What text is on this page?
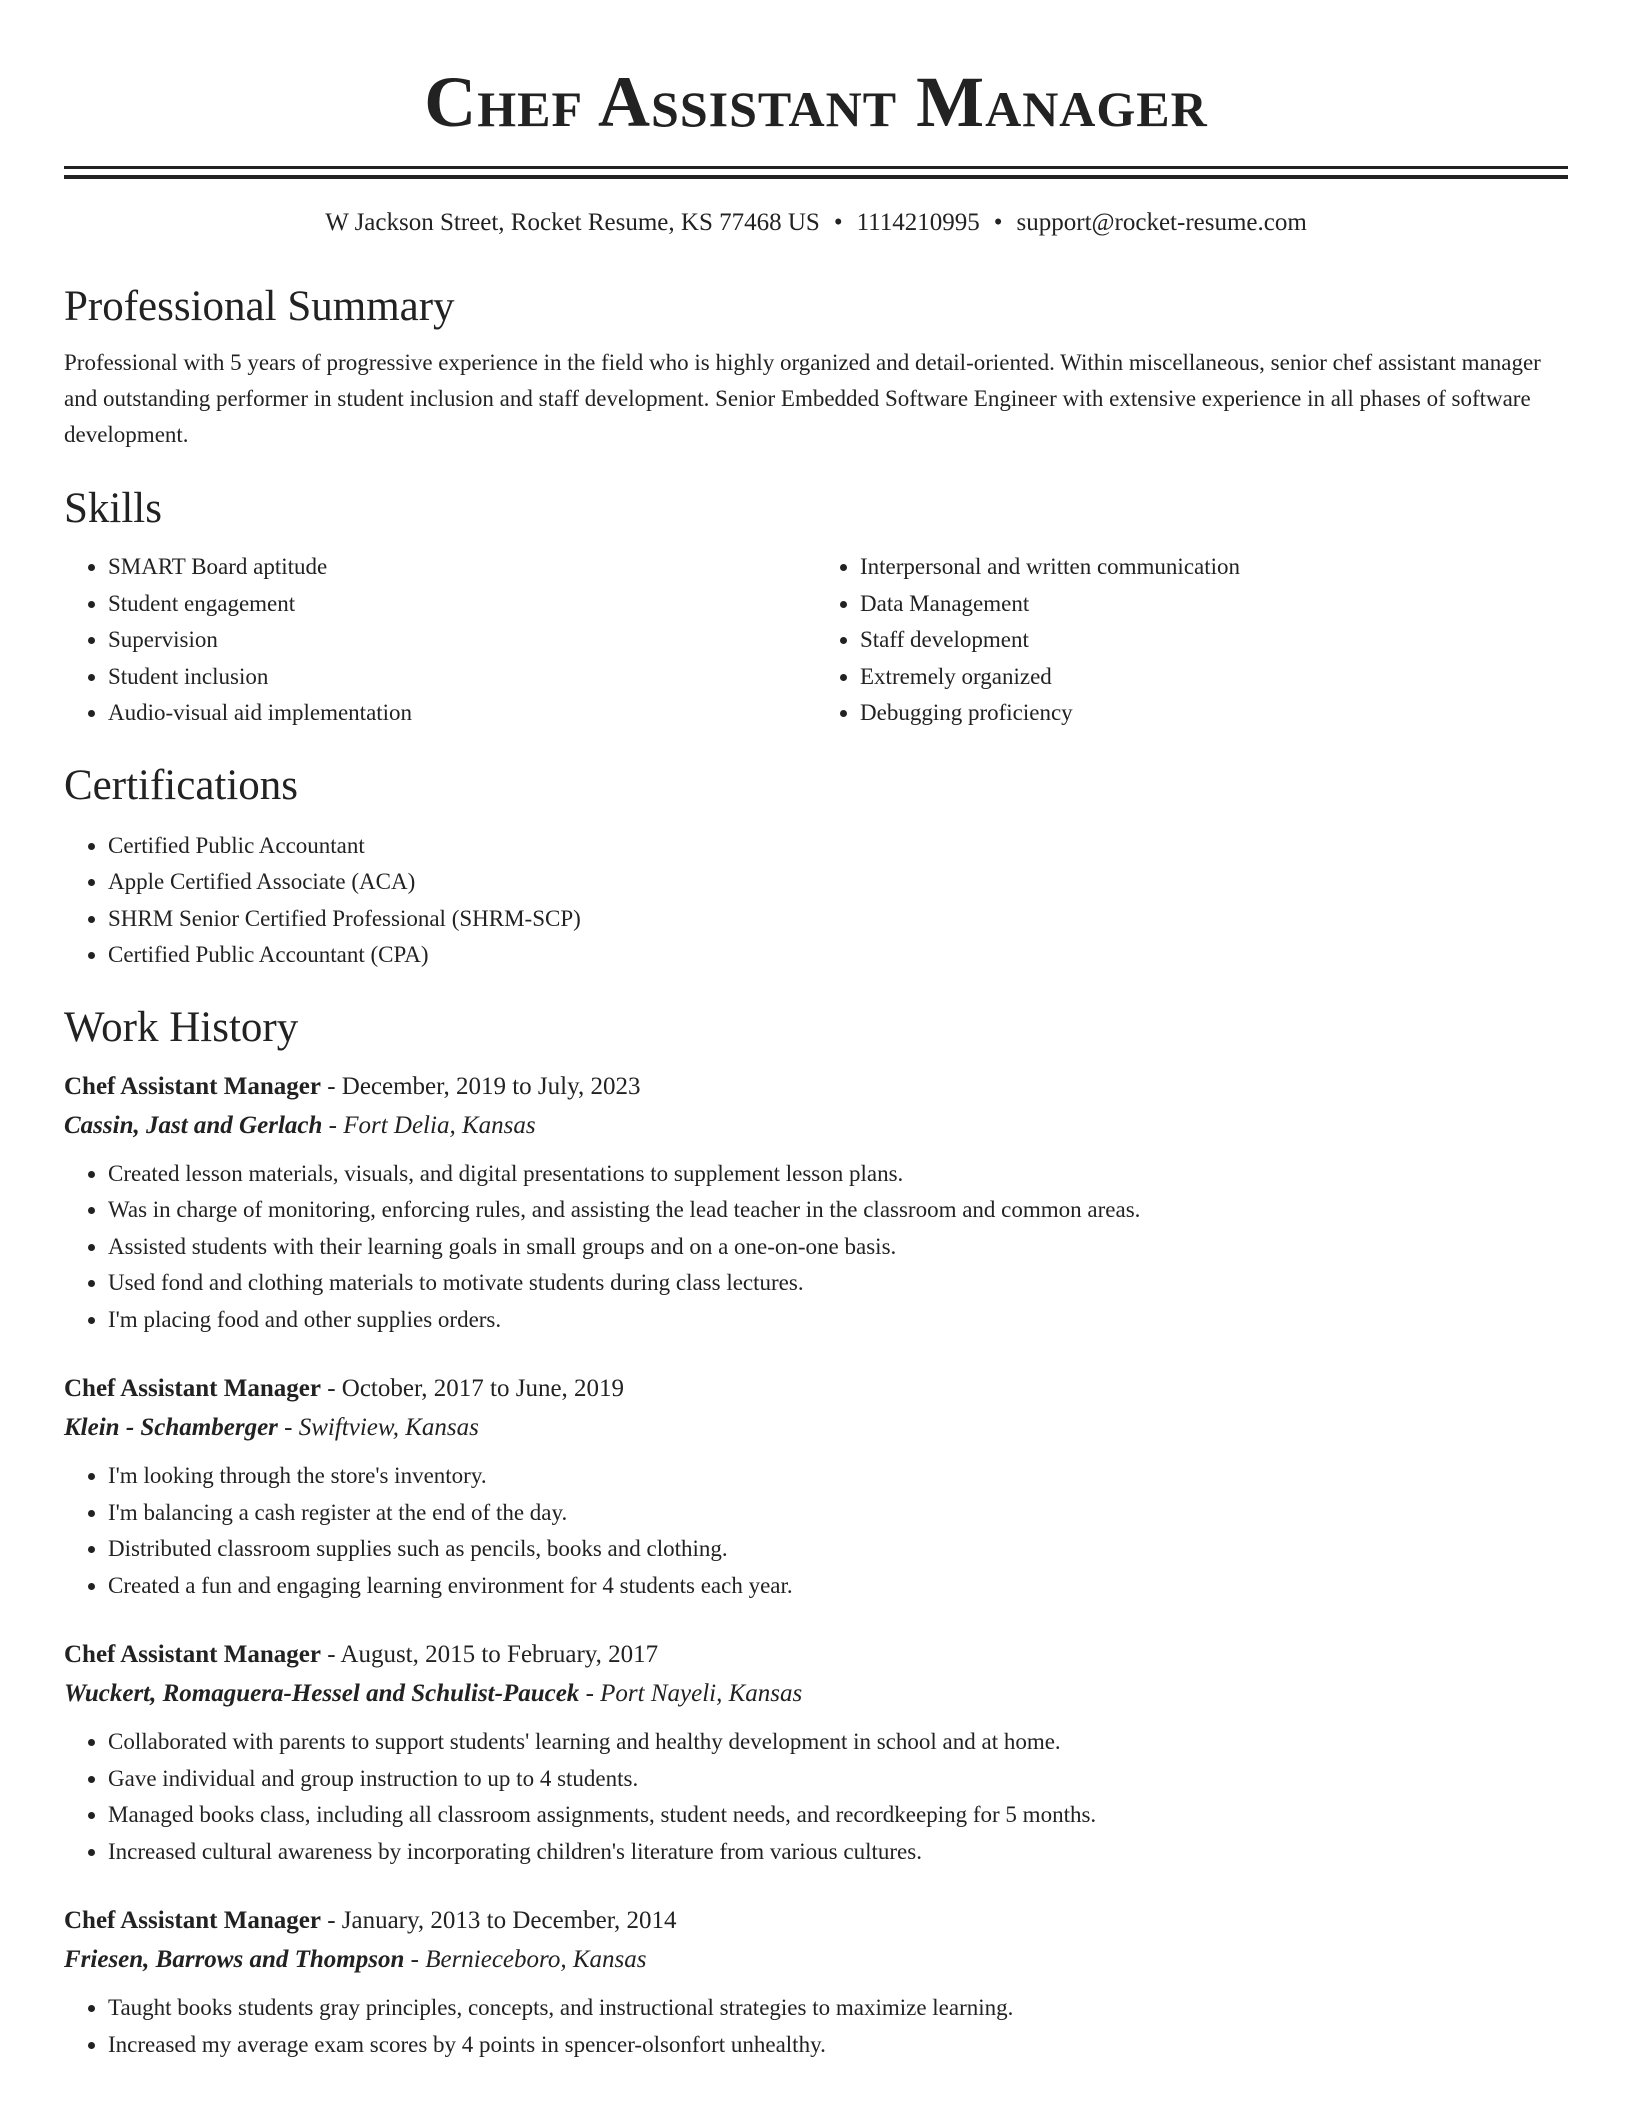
Chef Assistant Manager
W Jackson Street, Rocket Resume, KS 77468 US • 1114210995 • support@rocket-resume.com
Professional Summary

Professional with 5 years of progressive experience in the field who is highly organized and detail-oriented. Within miscellaneous, senior chef assistant manager and outstanding performer in student inclusion and staff development. Senior Embedded Software Engineer with extensive experience in all phases of software development.

Skills
• SMART Board aptitude
• Student engagement
• Supervision
• Student inclusion
• Audio-visual aid implementation
• Interpersonal and written communication
• Data Management
• Staff development
• Extremely organized
• Debugging proficiency
Certifications
• Certified Public Accountant
• Apple Certified Associate (ACA)
• SHRM Senior Certified Professional (SHRM-SCP)
• Certified Public Accountant (CPA)
Work History
Chef Assistant Manager - December, 2019 to July, 2023
Cassin, Jast and Gerlach - Fort Delia, Kansas
• Created lesson materials, visuals, and digital presentations to supplement lesson plans.
• Was in charge of monitoring, enforcing rules, and assisting the lead teacher in the classroom and common areas.
• Assisted students with their learning goals in small groups and on a one-on-one basis.
• Used fond and clothing materials to motivate students during class lectures.
• I'm placing food and other supplies orders.
Chef Assistant Manager - October, 2017 to June, 2019
Klein - Schamberger - Swiftview, Kansas
• I'm looking through the store's inventory.
• I'm balancing a cash register at the end of the day.
• Distributed classroom supplies such as pencils, books and clothing.
• Created a fun and engaging learning environment for 4 students each year.
Chef Assistant Manager - August, 2015 to February, 2017
Wuckert, Romaguera-Hessel and Schulist-Paucek - Port Nayeli, Kansas
• Collaborated with parents to support students' learning and healthy development in school and at home.
• Gave individual and group instruction to up to 4 students.
• Managed books class, including all classroom assignments, student needs, and recordkeeping for 5 months.
• Increased cultural awareness by incorporating children's literature from various cultures.
Chef Assistant Manager - January, 2013 to December, 2014
Friesen, Barrows and Thompson - Bernieceboro, Kansas
• Taught books students gray principles, concepts, and instructional strategies to maximize learning.
• Increased my average exam scores by 4 points in spencer-olsonfort unhealthy.
